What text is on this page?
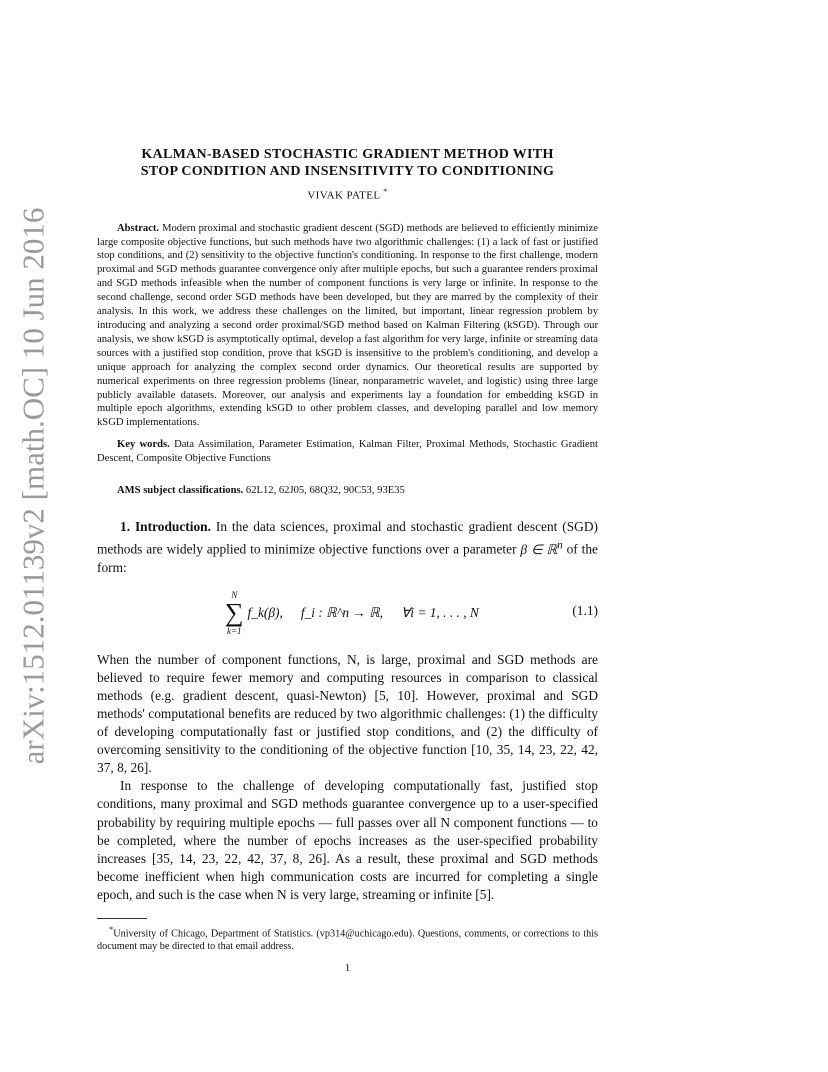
arXiv:1512.01139v2 [math.OC] 10 Jun 2016
KALMAN-BASED STOCHASTIC GRADIENT METHOD WITH
STOP CONDITION AND INSENSITIVITY TO CONDITIONING
VIVAK PATEL *

Abstract. Modern proximal and stochastic gradient descent (SGD) methods are believed to efficiently minimize large composite objective functions, but such methods have two algorithmic challenges: (1) a lack of fast or justified stop conditions, and (2) sensitivity to the objective function's conditioning. In response to the first challenge, modern proximal and SGD methods guarantee convergence only after multiple epochs, but such a guarantee renders proximal and SGD methods infeasible when the number of component functions is very large or infinite. In response to the second challenge, second order SGD methods have been developed, but they are marred by the complexity of their analysis. In this work, we address these challenges on the limited, but important, linear regression problem by introducing and analyzing a second order proximal/SGD method based on Kalman Filtering (kSGD). Through our analysis, we show kSGD is asymptotically optimal, develop a fast algorithm for very large, infinite or streaming data sources with a justified stop condition, prove that kSGD is insensitive to the problem's conditioning, and develop a unique approach for analyzing the complex second order dynamics. Our theoretical results are supported by numerical experiments on three regression problems (linear, nonparametric wavelet, and logistic) using three large publicly available datasets. Moreover, our analysis and experiments lay a foundation for embedding kSGD in multiple epoch algorithms, extending kSGD to other problem classes, and developing parallel and low memory kSGD implementations.

Key words. Data Assimilation, Parameter Estimation, Kalman Filter, Proximal Methods, Stochastic Gradient Descent, Composite Objective Functions

AMS subject classifications. 62L12, 62J05, 68Q32, 90C53, 93E35

1. Introduction. In the data sciences, proximal and stochastic gradient descent (SGD) methods are widely applied to minimize objective functions over a parameter β ∈ ℝ$^n$ of the form:

N
∑
k=1
f_k(β), f_i : ℝ^n → ℝ, ∀i = 1, . . . , N	(1.1)

When the number of component functions, N, is large, proximal and SGD methods are believed to require fewer memory and computing resources in comparison to classical methods (e.g. gradient descent, quasi-Newton) [5, 10]. However, proximal and SGD methods' computational benefits are reduced by two algorithmic challenges: (1) the difficulty of developing computationally fast or justified stop conditions, and (2) the difficulty of overcoming sensitivity to the conditioning of the objective function [10, 35, 14, 23, 22, 42, 37, 8, 26].

In response to the challenge of developing computationally fast, justified stop conditions, many proximal and SGD methods guarantee convergence up to a user-specified probability by requiring multiple epochs — full passes over all N component functions — to be completed, where the number of epochs increases as the user-specified probability increases [35, 14, 23, 22, 42, 37, 8, 26]. As a result, these proximal and SGD methods become inefficient when high communication costs are incurred for completing a single epoch, and such is the case when N is very large, streaming or infinite [5].

*University of Chicago, Department of Statistics. (vp314@uchicago.edu). Questions, comments, or corrections to this document may be directed to that email address.

1
